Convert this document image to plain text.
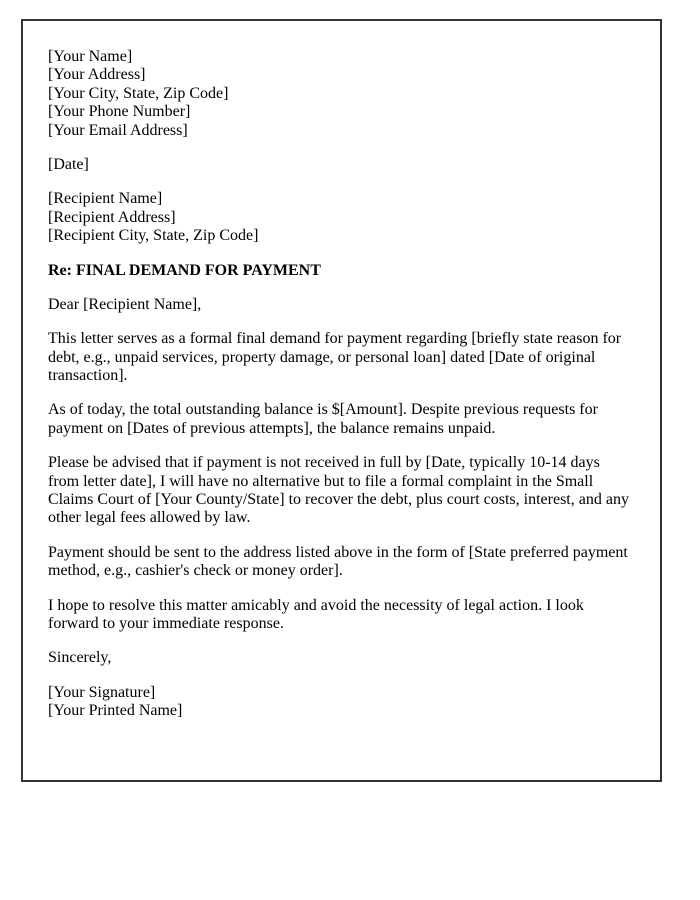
[Your Name]
[Your Address]
[Your City, State, Zip Code]
[Your Phone Number]
[Your Email Address]
[Date]
[Recipient Name]
[Recipient Address]
[Recipient City, State, Zip Code]
Re: FINAL DEMAND FOR PAYMENT
Dear [Recipient Name],

This letter serves as a formal final demand for payment regarding [briefly state reason for debt, e.g., unpaid services, property damage, or personal loan] dated [Date of original transaction].

As of today, the total outstanding balance is $[Amount]. Despite previous requests for payment on [Dates of previous attempts], the balance remains unpaid.

Please be advised that if payment is not received in full by [Date, typically 10-14 days from letter date], I will have no alternative but to file a formal complaint in the Small Claims Court of [Your County/State] to recover the debt, plus court costs, interest, and any other legal fees allowed by law.

Payment should be sent to the address listed above in the form of [State preferred payment method, e.g., cashier's check or money order].

I hope to resolve this matter amicably and avoid the necessity of legal action. I look forward to your immediate response.

Sincerely,
[Your Signature]
[Your Printed Name]
